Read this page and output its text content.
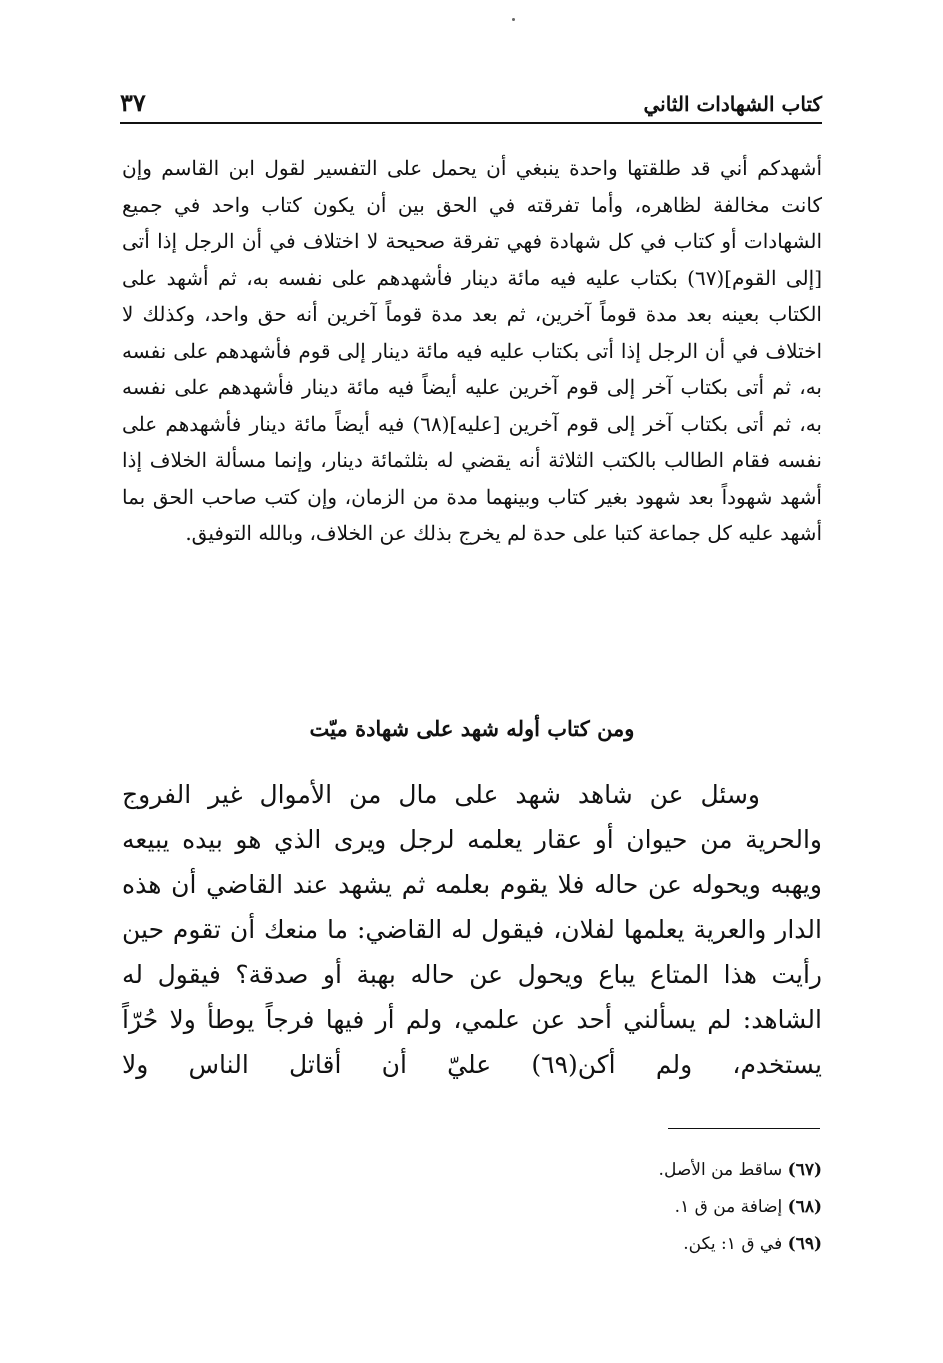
كتاب الشهادات الثاني
٣٧

أشهدكم أني قد طلقتها واحدة ينبغي أن يحمل على التفسير لقول ابن القاسم وإن كانت مخالفة لظاهره، وأما تفرقته في الحق بين أن يكون كتاب واحد في جميع الشهادات أو كتاب في كل شهادة فهي تفرقة صحيحة لا اختلاف في أن الرجل إذا أتى [إلى القوم](٦٧) بكتاب عليه فيه مائة دينار فأشهدهم على نفسه به، ثم أشهد على الكتاب بعينه بعد مدة قوماً آخرين، ثم بعد مدة قوماً آخرين أنه حق واحد، وكذلك لا اختلاف في أن الرجل إذا أتى بكتاب عليه فيه مائة دينار إلى قوم فأشهدهم على نفسه به، ثم أتى بكتاب آخر إلى قوم آخرين عليه أيضاً فيه مائة دينار فأشهدهم على نفسه به، ثم أتى بكتاب آخر إلى قوم آخرين [عليه](٦٨) فيه أيضاً مائة دينار فأشهدهم على نفسه فقام الطالب بالكتب الثلاثة أنه يقضي له بثلثمائة دينار، وإنما مسألة الخلاف إذا أشهد شهوداً بعد شهود بغير كتاب وبينهما مدة من الزمان، وإن كتب صاحب الحق بما أشهد عليه كل جماعة كتبا على حدة لم يخرج بذلك عن الخلاف، وبالله التوفيق.

ومن كتاب أوله شهد على شهادة ميّت

وسئل عن شاهد شهد على مال من الأموال غير الفروج والحرية من حيوان أو عقار يعلمه لرجل ويرى الذي هو بيده يبيعه ويهبه ويحوله عن حاله فلا يقوم بعلمه ثم يشهد عند القاضي أن هذه الدار والعرية يعلمها لفلان، فيقول له القاضي: ما منعك أن تقوم حين رأيت هذا المتاع يباع ويحول عن حاله بهبة أو صدقة؟ فيقول له الشاهد: لم يسألني أحد عن علمي، ولم أر فيها فرجاً يوطأ ولا حُرّاً يستخدم، ولم أكن(٦٩) عليّ أن أقاتل الناس ولا

(٦٧) ساقط من الأصل.
(٦٨) إضافة من ق ١.
(٦٩) في ق ١: يكن.
